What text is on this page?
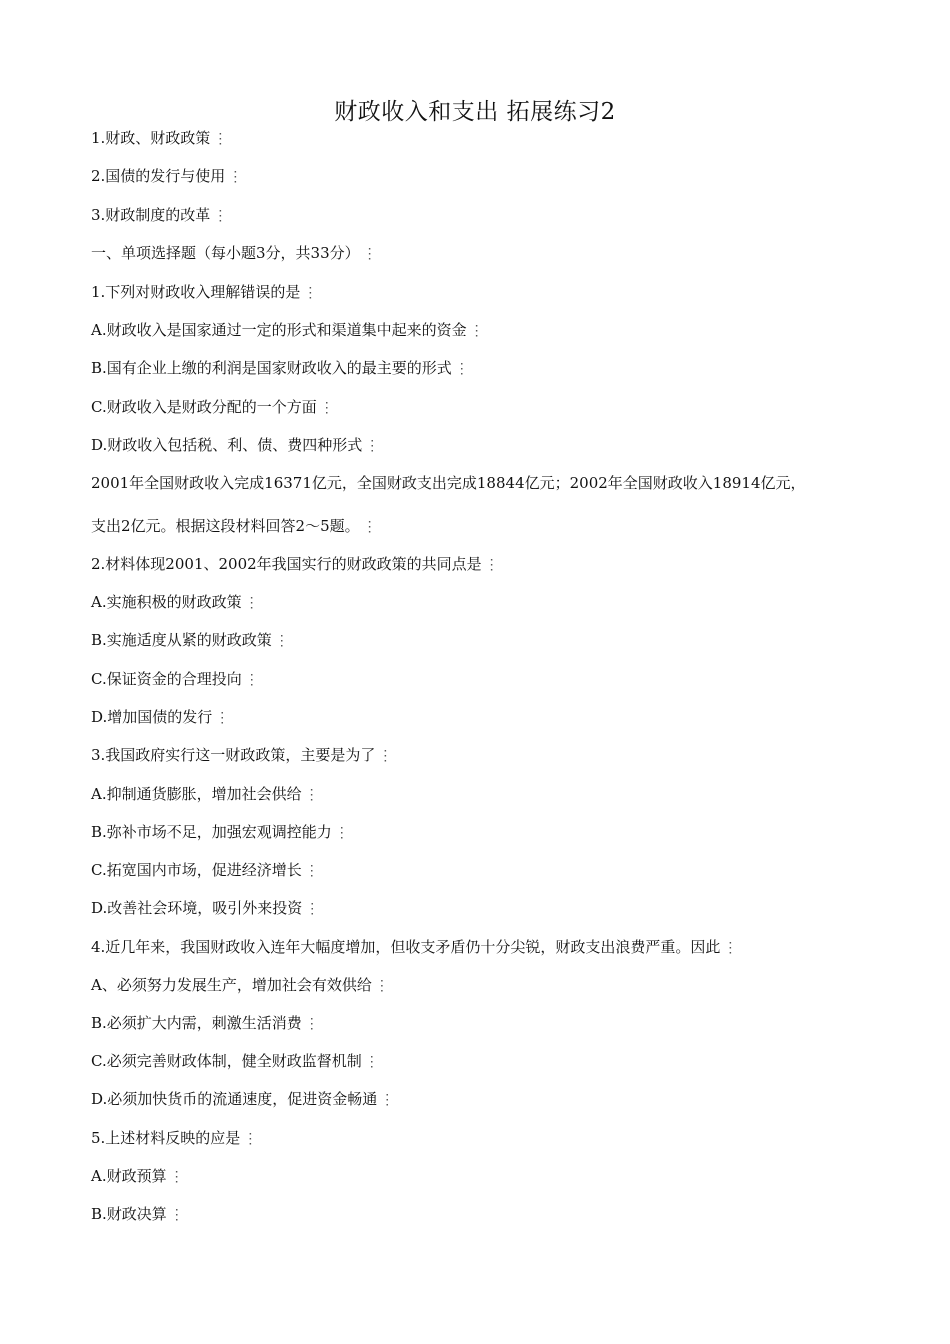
财政收入和支出 拓展练习2
1.财政、财政政策 ⋮
2.国债的发行与使用 ⋮
3.财政制度的改革 ⋮
一、单项选择题（每小题3分，共33分） ⋮
1.下列对财政收入理解错误的是 ⋮
A.财政收入是国家通过一定的形式和渠道集中起来的资金 ⋮
B.国有企业上缴的利润是国家财政收入的最主要的形式 ⋮
C.财政收入是财政分配的一个方面 ⋮
D.财政收入包括税、利、债、费四种形式 ⋮
2001年全国财政收入完成16371亿元，全国财政支出完成18844亿元；2002年全国财政收入18914亿元，
支出2亿元。根据这段材料回答2～5题。 ⋮
2.材料体现2001、2002年我国实行的财政政策的共同点是 ⋮
A.实施积极的财政政策 ⋮
B.实施适度从紧的财政政策 ⋮
C.保证资金的合理投向 ⋮
D.增加国债的发行 ⋮
3.我国政府实行这一财政政策，主要是为了 ⋮
A.抑制通货膨胀，增加社会供给 ⋮
B.弥补市场不足，加强宏观调控能力 ⋮
C.拓宽国内市场，促进经济增长 ⋮
D.改善社会环境，吸引外来投资 ⋮
4.近几年来，我国财政收入连年大幅度增加，但收支矛盾仍十分尖锐，财政支出浪费严重。因此 ⋮
A、必须努力发展生产，增加社会有效供给 ⋮
B.必须扩大内需，刺激生活消费 ⋮
C.必须完善财政体制，健全财政监督机制 ⋮
D.必须加快货币的流通速度，促进资金畅通 ⋮
5.上述材料反映的应是 ⋮
A.财政预算 ⋮
B.财政决算 ⋮
